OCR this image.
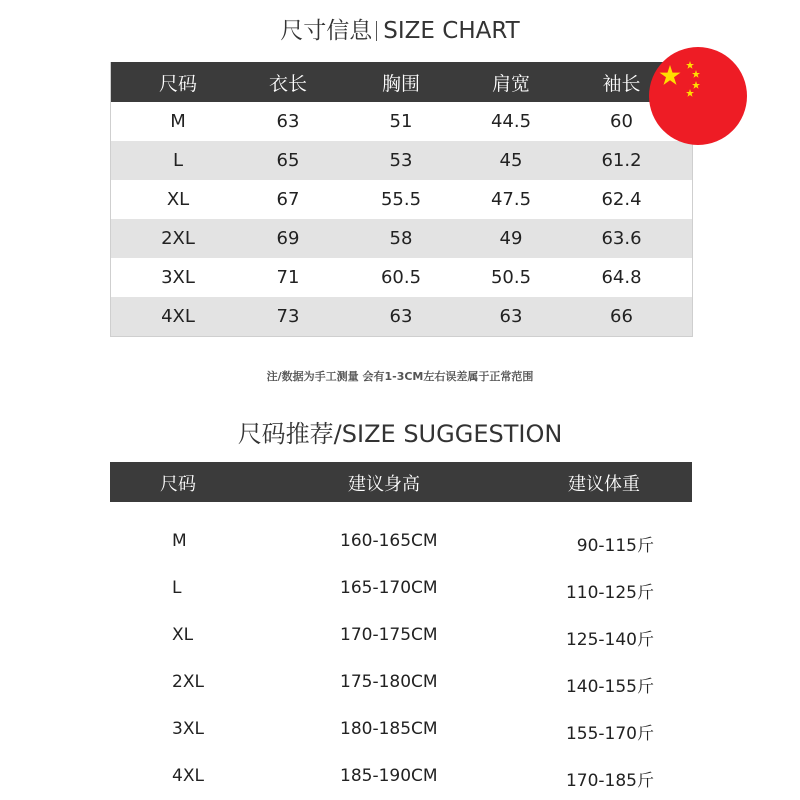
尺寸信息 SIZE CHART
尺码	衣长	胸围	肩宽	袖长
M	63	51	44.5	60
L	65	53	45	61.2
XL	67	55.5	47.5	62.4
2XL	69	58	49	63.6
3XL	71	60.5	50.5	64.8
4XL	73	63	63	66
注/数据为手工测量 会有1-3CM左右误差属于正常范围
尺码推荐/SIZE SUGGESTION
尺码	建议身高	建议体重
M	160-165CM	90-115斤
L	165-170CM	110-125斤
XL	170-175CM	125-140斤
2XL	175-180CM	140-155斤
3XL	180-185CM	155-170斤
4XL	185-190CM	170-185斤
